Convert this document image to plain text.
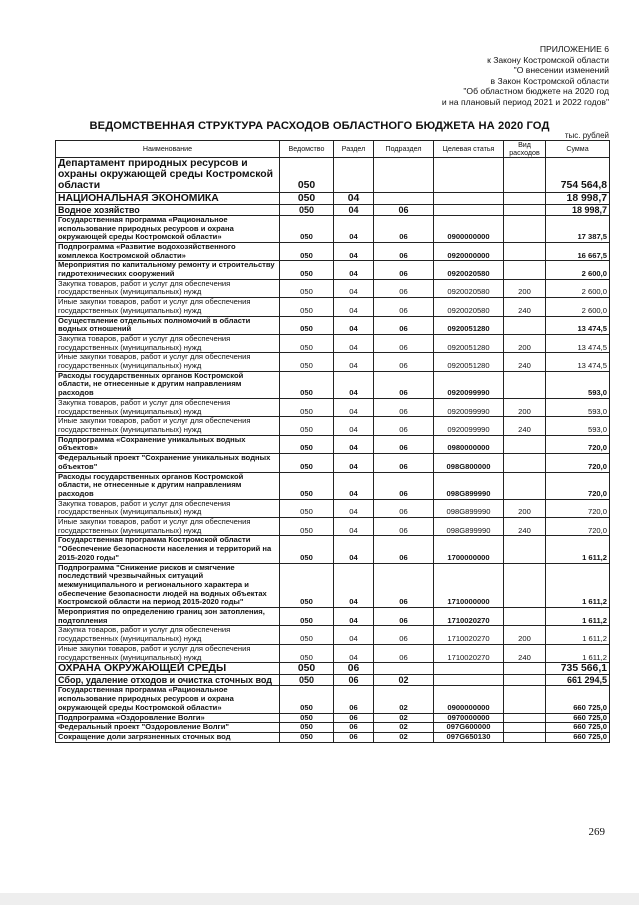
ПРИЛОЖЕНИЕ 6
к Закону Костромской области
"О внесении изменений
в Закон Костромской области
"Об областном бюджете на 2020 год
и на плановый период 2021 и 2022 годов"
ВЕДОМСТВЕННАЯ СТРУКТУРА РАСХОДОВ ОБЛАСТНОГО БЮДЖЕТА НА 2020 ГОД
тыс. рублей
Наименование	Ведомство	Раздел	Подраздел	Целевая статья	Вид расходов	Сумма
Департамент природных ресурсов и охраны окружающей среды Костромской области	050					754 564,8
НАЦИОНАЛЬНАЯ ЭКОНОМИКА	050	04				18 998,7
Водное хозяйство	050	04	06			18 998,7
Государственная программа «Рациональное использование природных ресурсов и охрана окружающей среды Костромской области»	050	04	06	0900000000		17 387,5
Подпрограмма «Развитие водохозяйственного комплекса Костромской области»	050	04	06	0920000000		16 667,5
Мероприятия по капитальному ремонту и строительству гидротехнических сооружений	050	04	06	0920020580		2 600,0
Закупка товаров, работ и услуг для обеспечения государственных (муниципальных) нужд	050	04	06	0920020580	200	2 600,0
Иные закупки товаров, работ и услуг для обеспечения государственных (муниципальных) нужд	050	04	06	0920020580	240	2 600,0
Осуществление отдельных полномочий в области водных отношений	050	04	06	0920051280		13 474,5
Закупка товаров, работ и услуг для обеспечения государственных (муниципальных) нужд	050	04	06	0920051280	200	13 474,5
Иные закупки товаров, работ и услуг для обеспечения государственных (муниципальных) нужд	050	04	06	0920051280	240	13 474,5
Расходы государственных органов Костромской области, не отнесенные к другим направлениям расходов	050	04	06	0920099990		593,0
Закупка товаров, работ и услуг для обеспечения государственных (муниципальных) нужд	050	04	06	0920099990	200	593,0
Иные закупки товаров, работ и услуг для обеспечения государственных (муниципальных) нужд	050	04	06	0920099990	240	593,0
Подпрограмма «Сохранение уникальных водных объектов»	050	04	06	0980000000		720,0
Федеральный проект "Сохранение уникальных водных объектов"	050	04	06	098G800000		720,0
Расходы государственных органов Костромской области, не отнесенные к другим направлениям расходов	050	04	06	098G899990		720,0
Закупка товаров, работ и услуг для обеспечения государственных (муниципальных) нужд	050	04	06	098G899990	200	720,0
Иные закупки товаров, работ и услуг для обеспечения государственных (муниципальных) нужд	050	04	06	098G899990	240	720,0
Государственная программа Костромской области "Обеспечение безопасности населения и территорий на 2015-2020 годы"	050	04	06	1700000000		1 611,2
Подпрограмма "Снижение рисков и смягчение последствий чрезвычайных ситуаций межмуниципального и регионального характера и обеспечение безопасности людей на водных объектах Костромской области на период 2015-2020 годы"	050	04	06	1710000000		1 611,2
Мероприятия по определению границ зон затопления, подтопления	050	04	06	1710020270		1 611,2
Закупка товаров, работ и услуг для обеспечения государственных (муниципальных) нужд	050	04	06	1710020270	200	1 611,2
Иные закупки товаров, работ и услуг для обеспечения государственных (муниципальных) нужд	050	04	06	1710020270	240	1 611,2
ОХРАНА ОКРУЖАЮЩЕЙ СРЕДЫ	050	06				735 566,1
Сбор, удаление отходов и очистка сточных вод	050	06	02			661 294,5
Государственная программа «Рациональное использование природных ресурсов и охрана окружающей среды Костромской области»	050	06	02	0900000000		660 725,0
Подпрограмма «Оздоровление Волги»	050	06	02	0970000000		660 725,0
Федеральный проект "Оздоровление Волги"	050	06	02	097G600000		660 725,0
Сокращение доли загрязненных сточных вод	050	06	02	097G650130		660 725,0
269
